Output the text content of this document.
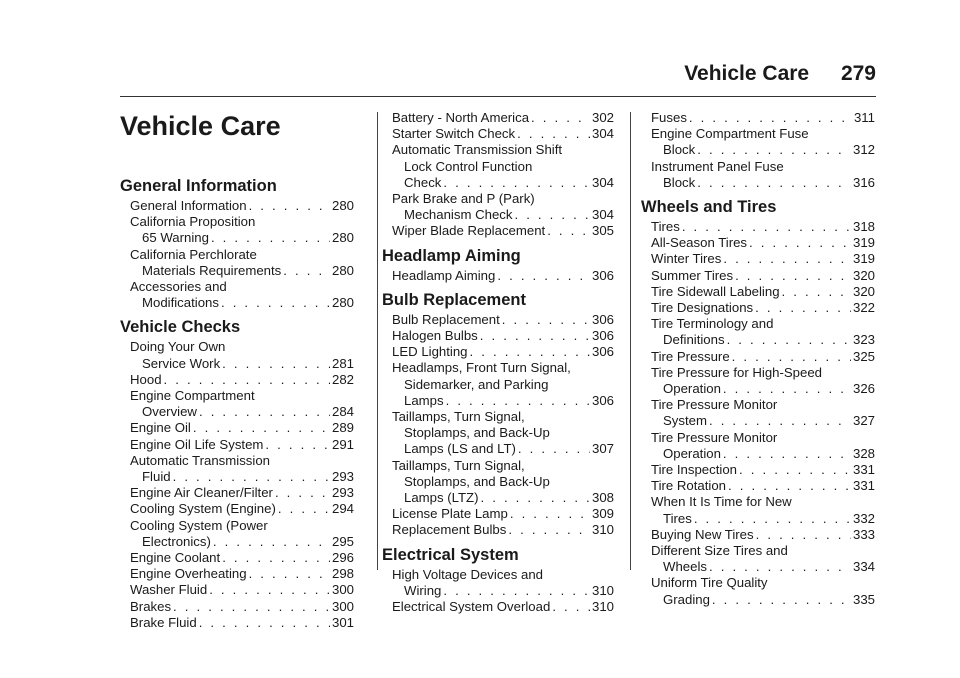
Vehicle Care 279
Vehicle Care
General Information
General Information . . .	280
California Proposition
65 Warning . . .	280
California Perchlorate
Materials Requirements . . .	280
Accessories and
Modifications . . .	280
Vehicle Checks
Doing Your Own
Service Work . . .	281
Hood . . .	282
Engine Compartment
Overview . . .	284
Engine Oil . . .	289
Engine Oil Life System . . .	291
Automatic Transmission
Fluid . . .	293
Engine Air Cleaner/Filter . . .	293
Cooling System (Engine) . . .	294
Cooling System (Power
Electronics) . . .	295
Engine Coolant . . .	296
Engine Overheating . . .	298
Washer Fluid . . .	300
Brakes . . .	300
Brake Fluid . . .	301
Battery - North America . . .	302
Starter Switch Check . . .	304
Automatic Transmission Shift
Lock Control Function
Check . . .	304
Park Brake and P (Park)
Mechanism Check . . .	304
Wiper Blade Replacement . . .	305
Headlamp Aiming
Headlamp Aiming . . .	306
Bulb Replacement
Bulb Replacement . . .	306
Halogen Bulbs . . .	306
LED Lighting . . .	306
Headlamps, Front Turn Signal,
Sidemarker, and Parking
Lamps . . .	306
Taillamps, Turn Signal,
Stoplamps, and Back-Up
Lamps (LS and LT) . . .	307
Taillamps, Turn Signal,
Stoplamps, and Back-Up
Lamps (LTZ) . . .	308
License Plate Lamp . . .	309
Replacement Bulbs . . .	310
Electrical System
High Voltage Devices and
Wiring . . .	310
Electrical System Overload . . .	310
Fuses . . .	311
Engine Compartment Fuse
Block . . .	312
Instrument Panel Fuse
Block . . .	316
Wheels and Tires
Tires . . .	318
All-Season Tires . . .	319
Winter Tires . . .	319
Summer Tires . . .	320
Tire Sidewall Labeling . . .	320
Tire Designations . . .	322
Tire Terminology and
Definitions . . .	323
Tire Pressure . . .	325
Tire Pressure for High-Speed
Operation . . .	326
Tire Pressure Monitor
System . . .	327
Tire Pressure Monitor
Operation . . .	328
Tire Inspection . . .	331
Tire Rotation . . .	331
When It Is Time for New
Tires . . .	332
Buying New Tires . . .	333
Different Size Tires and
Wheels . . .	334
Uniform Tire Quality
Grading . . .	335
